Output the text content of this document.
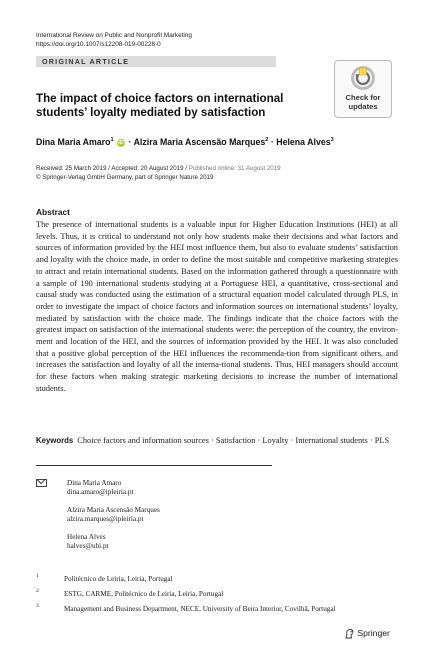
International Review on Public and Nonprofit Marketing
https://doi.org/10.1007/s12208-019-00228-0
ORIGINAL ARTICLE
Check for
updates
The impact of choice factors on international students’ loyalty mediated by satisfaction
Dina Maria Amaro$^1$ iD · Alzira Maria Ascensão Marques$^2$ · Helena Alves$^3$
Received: 25 March 2019 / Accepted: 20 August 2019 / Published online: 31 August 2019
© Springer-Verlag GmbH Germany, part of Springer Nature 2019
Abstract

The presence of international students is a valuable input for Higher Education Institutions (HEI) at all levels. Thus, it is critical to understand not only how students make their decisions and what factors and sources of information provided by the HEI most influence them, but also to evaluate students’ satisfaction and loyalty with the choice made, in order to define the most suitable and competitive marketing strategies to attract and retain international students. Based on the information gathered through a questionnaire with a sample of 190 international students studying at a Portuguese HEI, a quantitative, cross-sectional and causal study was conducted using the estimation of a structural equation model calculated through PLS, in order to investigate the impact of choice factors and information sources on international students’ loyalty, mediated by satisfaction with the choice made. The findings indicate that the choice factors with the greatest impact on satisfaction of the international students were: the perception of the country, the environ-ment and location of the HEI, and the sources of information provided by the HEI. It was also concluded that a positive global perception of the HEI influences the recommenda-tion from significant others, and increases the satisfaction and loyalty of all the interna-tional students. Thus, HEI managers should account for these factors when making strategic marketing decisions to increase the number of international students.

Keywords Choice factors and information sources · Satisfaction · Loyalty · International students · PLS
Dina Maria Amaro
dina.amaro@ipleiria.pt
Alzira Maria Ascensão Marques
alzira.marques@ipleiria.pt
Helena Alves
halves@ubi.pt
1	Politécnico de Leiria, Leiria, Portugal
2	ESTG, CARME, Politécnico de Leiria, Leiria, Portugal
3	Management and Business Department, NECE, University of Beira Interior, Covilhã, Portugal
Springer
